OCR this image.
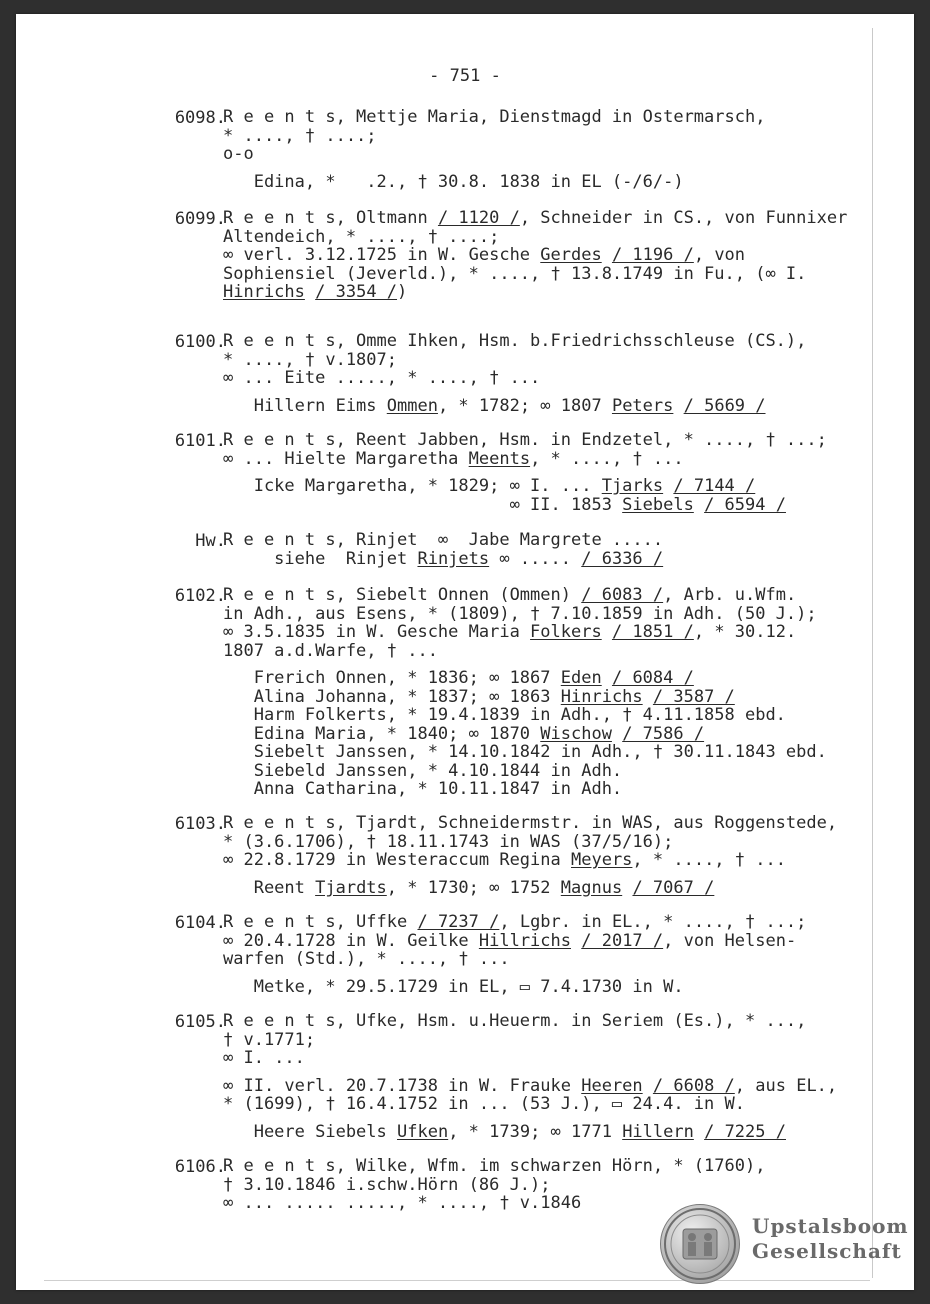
- 751 -
6098.
R e e n t s, Mettje Maria, Dienstmagd in Ostermarsch,
* ...., † ....;
o-o
Edina, *   .2., † 30.8. 1838 in EL (-/6/-)
6099.
R e e n t s, Oltmann / 1120 /, Schneider in CS., von Funnixer
Altendeich, * ...., † ....;
∞ verl. 3.12.1725 in W. Gesche Gerdes / 1196 /, von
Sophiensiel (Jeverld.), * ...., † 13.8.1749 in Fu., (∞ I.
Hinrichs / 3354 /)
6100.
R e e n t s, Omme Ihken, Hsm. b.Friedrichsschleuse (CS.),
* ...., † v.1807;
∞ ... Eite ....., * ...., † ...
Hillern Eims Ommen, * 1782; ∞ 1807 Peters / 5669 /
6101.
R e e n t s, Reent Jabben, Hsm. in Endzetel, * ...., † ...;
∞ ... Hielte Margaretha Meents, * ...., † ...
Icke Margaretha, * 1829; ∞ I. ... Tjarks / 7144 /
∞ II. 1853 Siebels / 6594 /
Hw.
R e e n t s, Rinjet  ∞  Jabe Margrete .....
siehe  Rinjet Rinjets ∞ ..... / 6336 /
6102.
R e e n t s, Siebelt Onnen (Ommen) / 6083 /, Arb. u.Wfm.
in Adh., aus Esens, * (1809), † 7.10.1859 in Adh. (50 J.);
∞ 3.5.1835 in W. Gesche Maria Folkers / 1851 /, * 30.12.
1807 a.d.Warfe, † ...
Frerich Onnen, * 1836; ∞ 1867 Eden / 6084 /
Alina Johanna, * 1837; ∞ 1863 Hinrichs / 3587 /
Harm Folkerts, * 19.4.1839 in Adh., † 4.11.1858 ebd.
Edina Maria, * 1840; ∞ 1870 Wischow / 7586 /
Siebelt Janssen, * 14.10.1842 in Adh., † 30.11.1843 ebd.
Siebeld Janssen, * 4.10.1844 in Adh.
Anna Catharina, * 10.11.1847 in Adh.
6103.
R e e n t s, Tjardt, Schneidermstr. in WAS, aus Roggenstede,
* (3.6.1706), † 18.11.1743 in WAS (37/5/16);
∞ 22.8.1729 in Westeraccum Regina Meyers, * ...., † ...
Reent Tjardts, * 1730; ∞ 1752 Magnus / 7067 /
6104.
R e e n t s, Uffke / 7237 /, Lgbr. in EL., * ...., † ...;
∞ 20.4.1728 in W. Geilke Hillrichs / 2017 /, von Helsen-
warfen (Std.), * ...., † ...
Metke, * 29.5.1729 in EL, ▭ 7.4.1730 in W.
6105.
R e e n t s, Ufke, Hsm. u.Heuerm. in Seriem (Es.), * ...,
† v.1771;
∞ I. ...
∞ II. verl. 20.7.1738 in W. Frauke Heeren / 6608 /, aus EL.,
* (1699), † 16.4.1752 in ... (53 J.), ▭ 24.4. in W.
Heere Siebels Ufken, * 1739; ∞ 1771 Hillern / 7225 /
6106.
R e e n t s, Wilke, Wfm. im schwarzen Hörn, * (1760),
† 3.10.1846 i.schw.Hörn (86 J.);
∞ ... ..... ....., * ...., † v.1846
Upstalsboom
Gesellschaft
